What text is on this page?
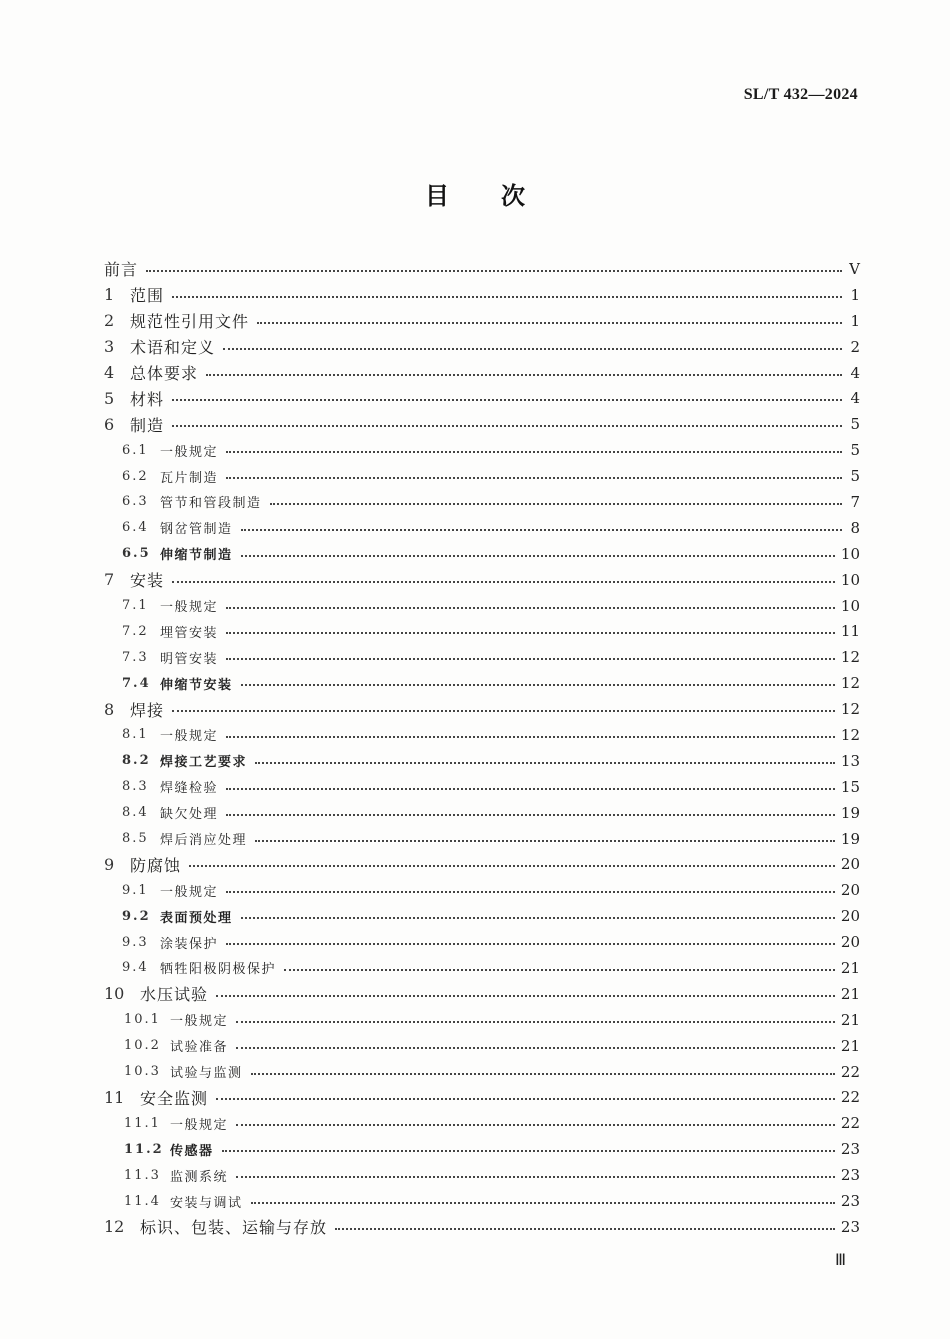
SL/T 432—2024
目次
前言	V
1 范围	1
2 规范性引用文件	1
3 术语和定义	2
4 总体要求	4
5 材料	4
6 制造	5
6.1 一般规定	5
6.2 瓦片制造	5
6.3 管节和管段制造	7
6.4 钢岔管制造	8
6.5 伸缩节制造	10
7 安装	10
7.1 一般规定	10
7.2 埋管安装	11
7.3 明管安装	12
7.4 伸缩节安装	12
8 焊接	12
8.1 一般规定	12
8.2 焊接工艺要求	13
8.3 焊缝检验	15
8.4 缺欠处理	19
8.5 焊后消应处理	19
9 防腐蚀	20
9.1 一般规定	20
9.2 表面预处理	20
9.3 涂装保护	20
9.4 牺牲阳极阴极保护	21
10 水压试验	21
10.1 一般规定	21
10.2 试验准备	21
10.3 试验与监测	22
11 安全监测	22
11.1 一般规定	22
11.2 传感器	23
11.3 监测系统	23
11.4 安装与调试	23
12 标识、包装、运输与存放	23
Ⅲ
